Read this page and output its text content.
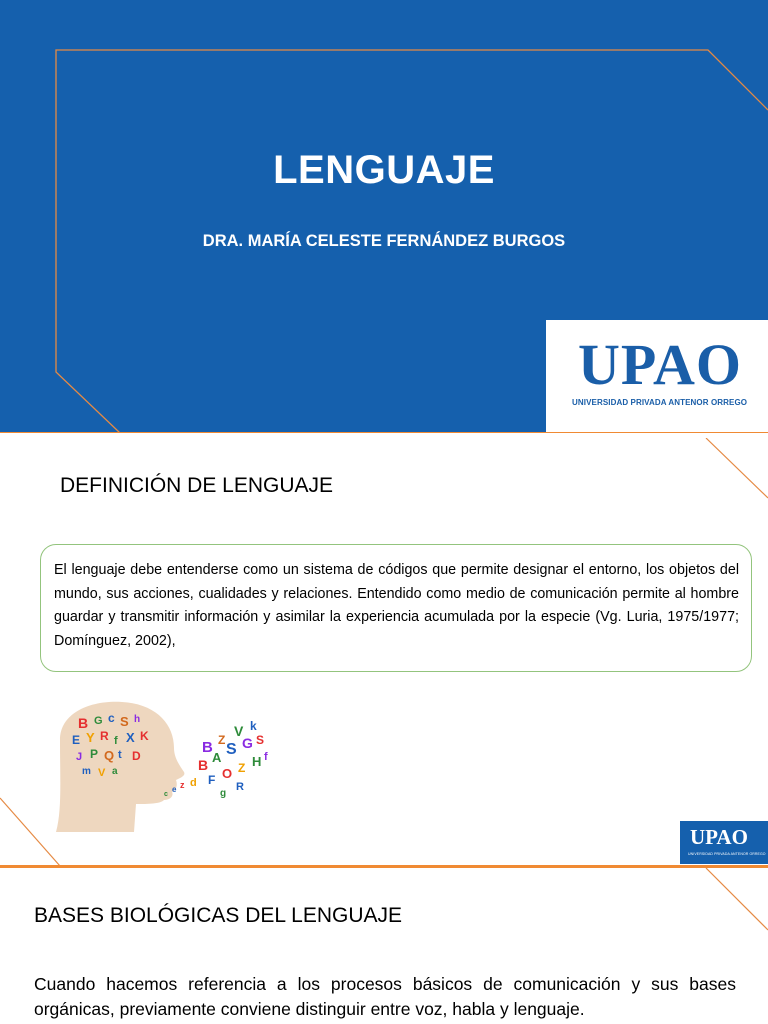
LENGUAJE
DRA. MARÍA CELESTE FERNÁNDEZ BURGOS
UPAO
UNIVERSIDAD PRIVADA ANTENOR ORREGO
DEFINICIÓN DE LENGUAJE
El lenguaje debe entenderse como un sistema de códigos que permite designar el entorno, los objetos del mundo, sus acciones, cualidades y relaciones. Entendido como medio de comunicación permite al hombre guardar y transmitir información y asimilar la experiencia acumulada por la especie (Vg. Luria, 1975/1977; Domínguez, 2002),
B G c S h
E Y R f X K
J P Q t D
m V a
c
e z d
B A S G S
B Z
V k
F O Z H f
g
R
UPAO
UNIVERSIDAD PRIVADA ANTENOR ORREGO
BASES BIOLÓGICAS DEL LENGUAJE
Cuando hacemos referencia a los procesos básicos de comunicación y sus bases orgánicas, previamente conviene distinguir entre voz, habla y lenguaje.
